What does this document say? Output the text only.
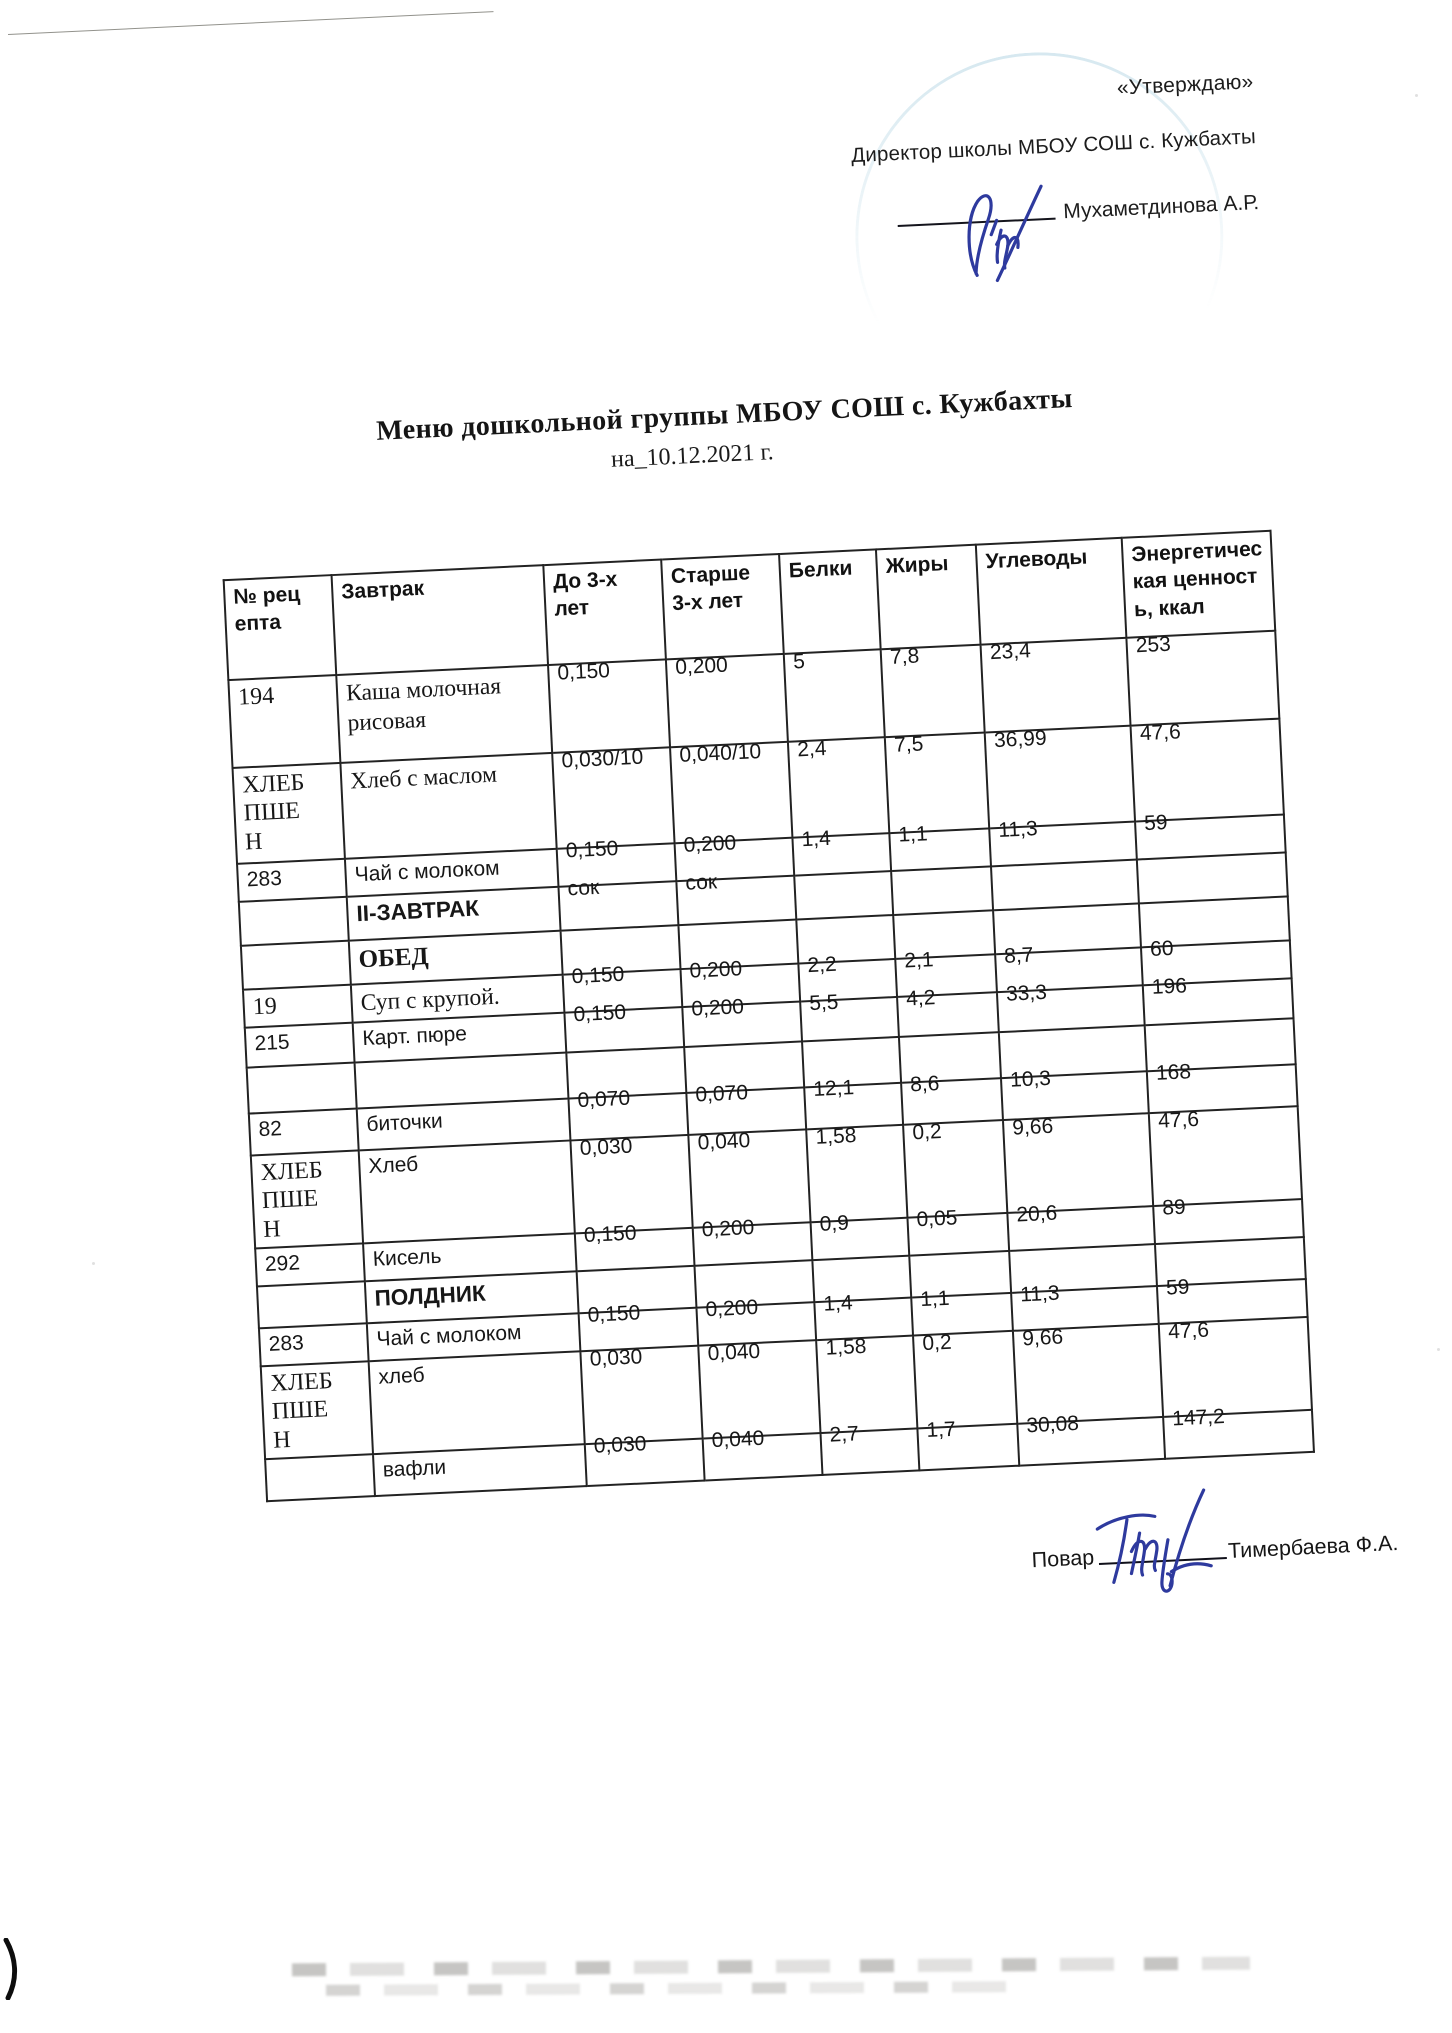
«Утверждаю»
Директор школы МБОУ СОШ с. Кужбахты
Мухаметдинова А.Р.
Меню дошкольной группы МБОУ СОШ с. Кужбахты
на_10.12.2021 г.
№ рецепта	Завтрак	До 3-х лет	Старше 3-х лет	Белки	Жиры	Углеводы	Энергетическая ценность, ккал
194	Каша молочная рисовая	0,150	0,200	5	7,8	23,4	253
ХЛЕБ ПШЕН	Хлеб с маслом	0,030/10	0,040/10	2,4	7,5	36,99	47,6
283	Чай с молоком	0,150	0,200	1,4	1,1	11,3	59
	II-ЗАВТРАК	сок	сок				
	ОБЕД						
19	Суп с крупой.	0,150	0,200	2,2	2,1	8,7	60
215	Карт. пюре	0,150	0,200	5,5	4,2	33,3	196

82	биточки	0,070	0,070	12,1	8,6	10,3	168
ХЛЕБ ПШЕН	Хлеб	0,030	0,040	1,58	0,2	9,66	47,6
292	Кисель	0,150	0,200	0,9	0,05	20,6	89
	ПОЛДНИК						
283	Чай с молоком	0,150	0,200	1,4	1,1	11,3	59
ХЛЕБ ПШЕН	хлеб	0,030	0,040	1,58	0,2	9,66	47,6
	вафли	0,030	0,040	2,7	1,7	30,08	147,2
Повар	Тимербаева Ф.А.
